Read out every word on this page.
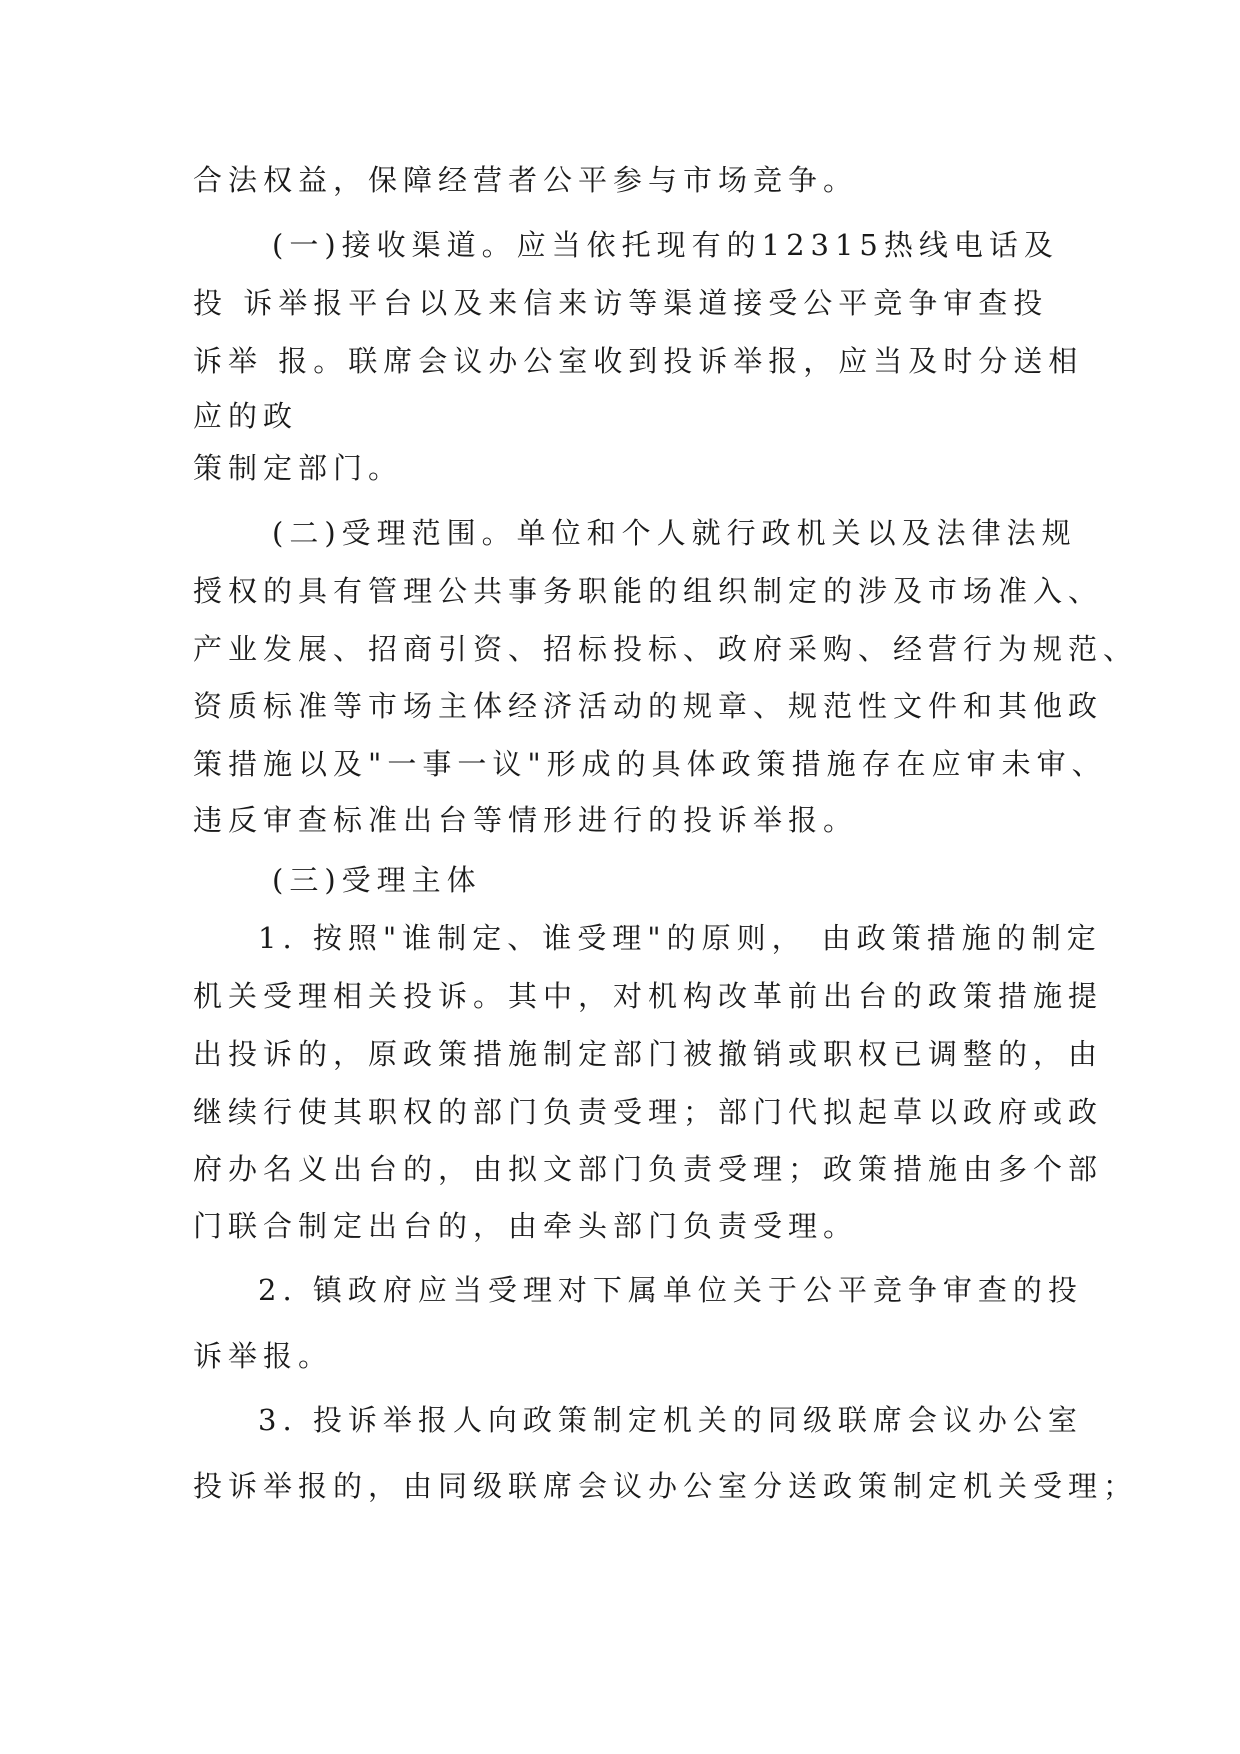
合法权益，保障经营者公平参与市场竞争。

(一)接收渠道。应当依托现有的12315热线电话及

投 诉举报平台以及来信来访等渠道接受公平竞争审查投

诉举 报。联席会议办公室收到投诉举报，应当及时分送相

应的政

策制定部门。

(二)受理范围。单位和个人就行政机关以及法律法规

授权的具有管理公共事务职能的组织制定的涉及市场准入、

产业发展、招商引资、招标投标、政府采购、经营行为规范、

资质标准等市场主体经济活动的规章、规范性文件和其他政

策措施以及"一事一议"形成的具体政策措施存在应审未审、

违反审查标准出台等情形进行的投诉举报。

(三)受理主体

1. 按照"谁制定、谁受理"的原则， 由政策措施的制定

机关受理相关投诉。其中，对机构改革前出台的政策措施提

出投诉的，原政策措施制定部门被撤销或职权已调整的，由

继续行使其职权的部门负责受理；部门代拟起草以政府或政

府办名义出台的，由拟文部门负责受理；政策措施由多个部

门联合制定出台的，由牵头部门负责受理。

2. 镇政府应当受理对下属单位关于公平竞争审查的投

诉举报。

3. 投诉举报人向政策制定机关的同级联席会议办公室

投诉举报的，由同级联席会议办公室分送政策制定机关受理；
